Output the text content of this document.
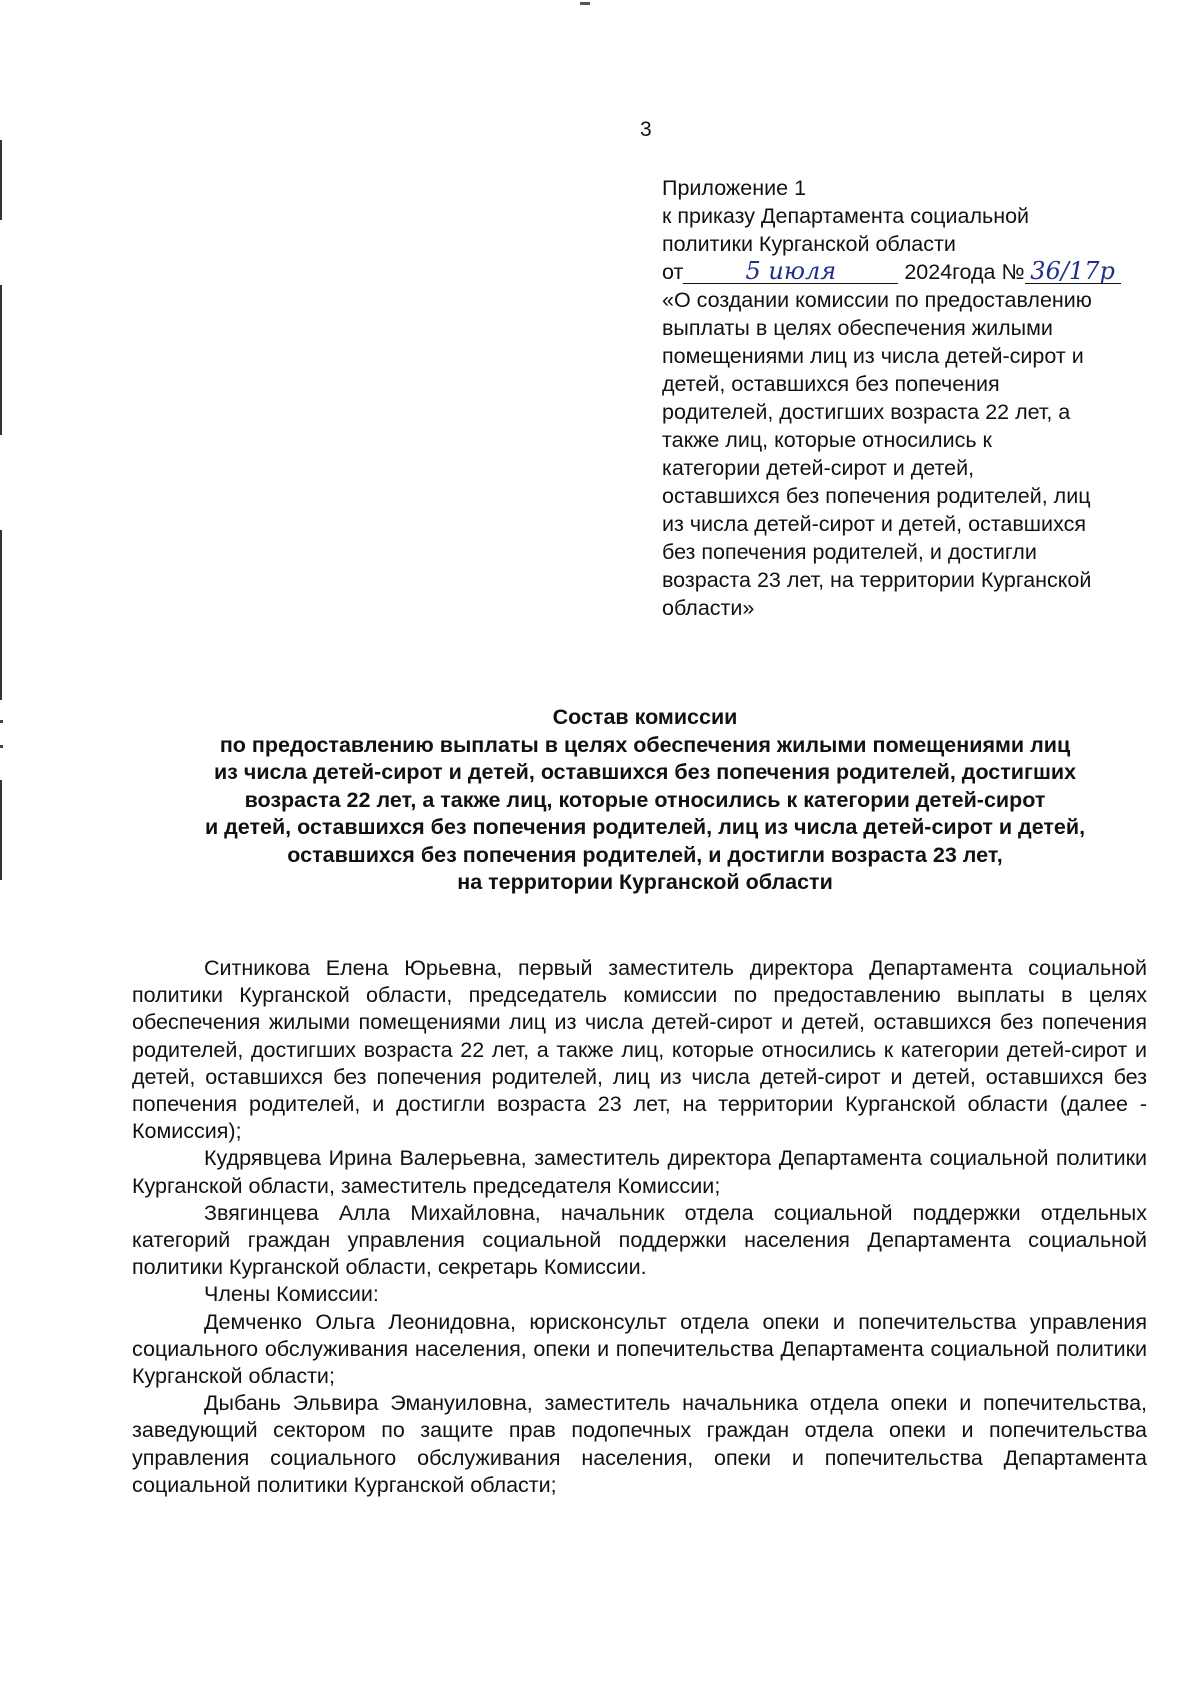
3
Приложение 1
к приказу Департамента социальной
политики Курганской области
от	5 июля	2024года № 36/17р
«О создании комиссии по предоставлению
выплаты в целях обеспечения жилыми
помещениями лиц из числа детей-сирот и
детей, оставшихся без попечения
родителей, достигших возраста 22 лет, а
также лиц, которые относились к
категории детей-сирот и детей,
оставшихся без попечения родителей, лиц
из числа детей-сирот и детей, оставшихся
без попечения родителей, и достигли
возраста 23 лет, на территории Курганской
области»
Состав комиссии
по предоставлению выплаты в целях обеспечения жилыми помещениями лиц
из числа детей-сирот и детей, оставшихся без попечения родителей, достигших
возраста 22 лет, а также лиц, которые относились к категории детей-сирот
и детей, оставшихся без попечения родителей, лиц из числа детей-сирот и детей,
оставшихся без попечения родителей, и достигли возраста 23 лет,
на территории Курганской области

Ситникова Елена Юрьевна, первый заместитель директора Департамента социальной политики Курганской области, председатель комиссии по предоставлению выплаты в целях обеспечения жилыми помещениями лиц из числа детей-сирот и детей, оставшихся без попечения родителей, достигших возраста 22 лет, а также лиц, которые относились к категории детей-сирот и детей, оставшихся без попечения родителей, лиц из числа детей-сирот и детей, оставшихся без попечения родителей, и достигли возраста 23 лет, на территории Курганской области (далее - Комиссия);

Кудрявцева Ирина Валерьевна, заместитель директора Департамента социальной политики Курганской области, заместитель председателя Комиссии;

Звягинцева Алла Михайловна, начальник отдела социальной поддержки отдельных категорий граждан управления социальной поддержки населения Департамента социальной политики Курганской области, секретарь Комиссии.

Члены Комиссии:

Демченко Ольга Леонидовна, юрисконсульт отдела опеки и попечительства управления социального обслуживания населения, опеки и попечительства Департамента социальной политики Курганской области;

Дыбань Эльвира Эмануиловна, заместитель начальника отдела опеки и попечительства, заведующий сектором по защите прав подопечных граждан отдела опеки и попечительства управления социального обслуживания населения, опеки и попечительства Департамента социальной политики Курганской области;
